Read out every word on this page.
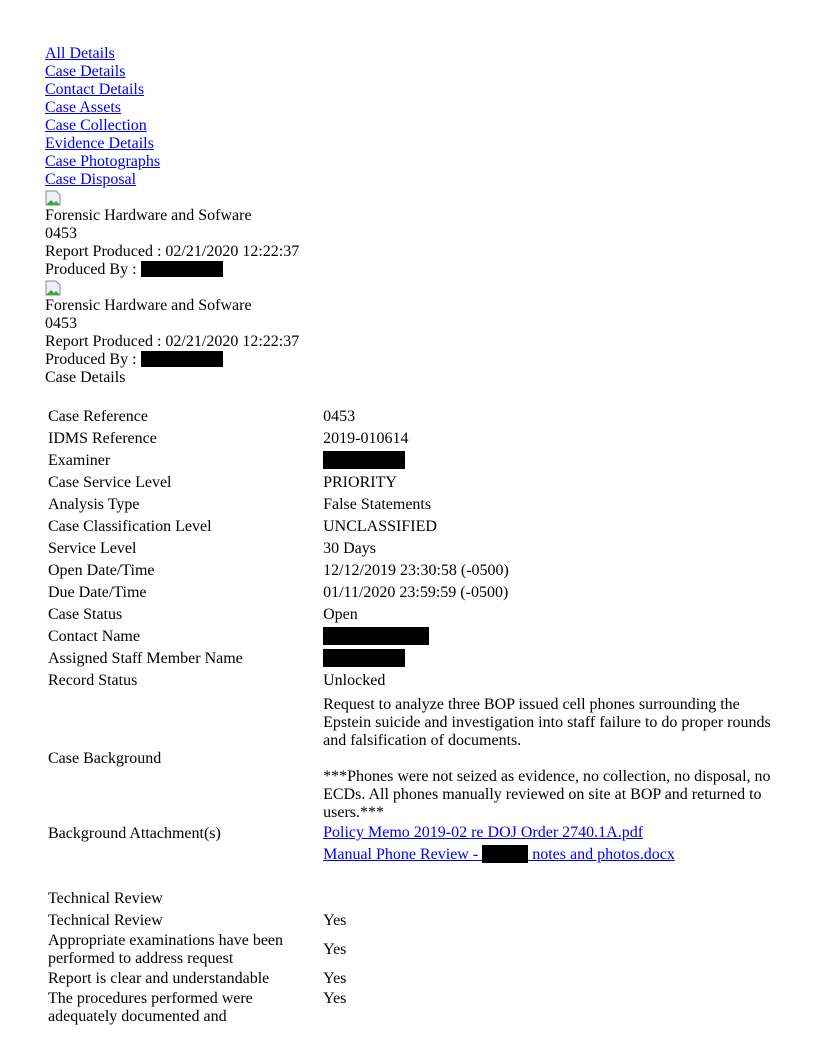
All Details
Case Details
Contact Details
Case Assets
Case Collection
Evidence Details
Case Photographs
Case Disposal
Forensic Hardware and Sofware
0453
Report Produced : 02/21/2020 12:22:37
Produced By :
Forensic Hardware and Sofware
0453
Report Produced : 02/21/2020 12:22:37
Produced By :
Case Details
Case Reference	0453
IDMS Reference	2019-010614
Examiner	
Case Service Level	PRIORITY
Analysis Type	False Statements
Case Classification Level	UNCLASSIFIED
Service Level	30 Days
Open Date/Time	12/12/2019 23:30:58 (-0500)
Due Date/Time	01/11/2020 23:59:59 (-0500)
Case Status	Open
Contact Name	
Assigned Staff Member Name	
Record Status	Unlocked
Case Background	Request to analyze three BOP issued cell phones surrounding the Epstein suicide and investigation into staff failure to do proper rounds and falsification of documents.
***Phones were not seized as evidence, no collection, no disposal, no ECDs. All phones manually reviewed on site at BOP and returned to users.***

Background Attachment(s)	Policy Memo 2019-02 re DOJ Order 2740.1A.pdf
Manual Phone Review - notes and photos.docx

Technical Review	
Technical Review	Yes
Appropriate examinations have been performed to address request	Yes
Report is clear and understandable	Yes
The procedures performed were adequately documented and	Yes
